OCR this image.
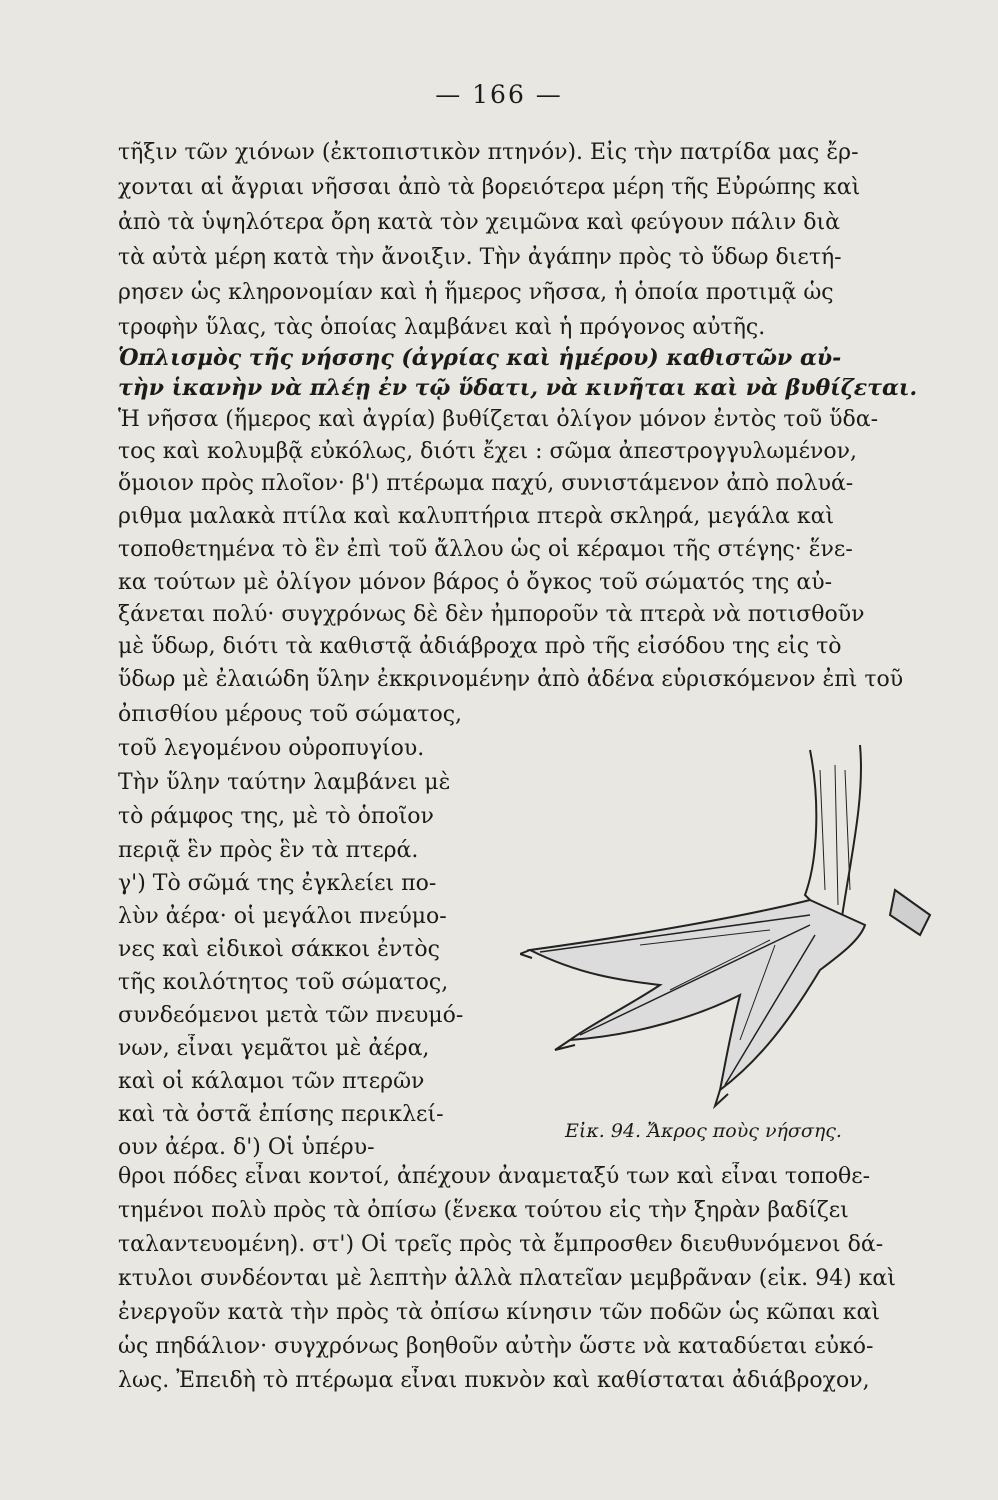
— 166 —
τῆξιν τῶν χιόνων (ἐκτοπιστικὸν πτηνόν). Εἰς τὴν πατρίδα μας ἔρ-
χονται αἱ ἄγριαι νῆσσαι ἀπὸ τὰ βορειότερα μέρη τῆς Εὐρώπης καὶ
ἀπὸ τὰ ὑψηλότερα ὄρη κατὰ τὸν χειμῶνα καὶ φεύγουν πάλιν διὰ
τὰ αὐτὰ μέρη κατὰ τὴν ἄνοιξιν. Τὴν ἀγάπην πρὸς τὸ ὕδωρ διετή-
ρησεν ὡς κληρονομίαν καὶ ἡ ἥμερος νῆσσα, ἡ ὁποία προτιμᾷ ὡς
τροφὴν ὕλας, τὰς ὁποίας λαμβάνει καὶ ἡ πρόγονος αὐτῆς.
Ὁπλισμὸς τῆς νήσσης (ἀγρίας καὶ ἡμέρου) καθιστῶν αὐ-
τὴν ἱκανὴν νὰ πλέῃ ἐν τῷ ὕδατι, νὰ κινῆται καὶ νὰ βυθίζεται.
Ἡ νῆσσα (ἥμερος καὶ ἀγρία) βυθίζεται ὀλίγον μόνον ἐντὸς τοῦ ὕδα-
τος καὶ κολυμβᾷ εὐκόλως, διότι ἔχει : σῶμα ἀπεστρογγυλωμένον,
ὅμοιον πρὸς πλοῖον· β') πτέρωμα παχύ, συνιστάμενον ἀπὸ πολυά-
ριθμα μαλακὰ πτίλα καὶ καλυπτήρια πτερὰ σκληρά, μεγάλα καὶ
τοποθετημένα τὸ ἓν ἐπὶ τοῦ ἄλλου ὡς οἱ κέραμοι τῆς στέγης· ἕνε-
κα τούτων μὲ ὀλίγον μόνον βάρος ὁ ὄγκος τοῦ σώματός της αὐ-
ξάνεται πολύ· συγχρόνως δὲ δὲν ἠμποροῦν τὰ πτερὰ νὰ ποτισθοῦν
μὲ ὕδωρ, διότι τὰ καθιστᾷ ἀδιάβροχα πρὸ τῆς εἰσόδου της εἰς τὸ
ὕδωρ μὲ ἐλαιώδη ὕλην ἐκκρινομένην ἀπὸ ἀδένα εὑρισκόμενον ἐπὶ τοῦ
ὀπισθίου μέρους τοῦ σώματος,
τοῦ λεγομένου οὐροπυγίου.
Τὴν ὕλην ταύτην λαμβάνει μὲ
τὸ ράμφος της, μὲ τὸ ὁποῖον
περιᾷ ἓν πρὸς ἓν τὰ πτερά.
γ') Τὸ σῶμά της ἐγκλείει πο-
λὺν ἀέρα· οἱ μεγάλοι πνεύμο-
νες καὶ εἰδικοὶ σάκκοι ἐντὸς
τῆς κοιλότητος τοῦ σώματος,
συνδεόμενοι μετὰ τῶν πνευμό-
νων, εἶναι γεμᾶτοι μὲ ἀέρα,
καὶ οἱ κάλαμοι τῶν πτερῶν
καὶ τὰ ὀστᾶ ἐπίσης περικλεί-
ουν ἀέρα. δ') Οἱ ὑπέρυ-
Εἰκ. 94. Ἄκρος ποὺς νήσσης.
θροι πόδες εἶναι κοντοί, ἀπέχουν ἀναμεταξύ των καὶ εἶναι τοποθε-
τημένοι πολὺ πρὸς τὰ ὀπίσω (ἕνεκα τούτου εἰς τὴν ξηρὰν βαδίζει
ταλαντευομένη). στ') Οἱ τρεῖς πρὸς τὰ ἔμπροσθεν διευθυνόμενοι δά-
κτυλοι συνδέονται μὲ λεπτὴν ἀλλὰ πλατεῖαν μεμβρᾶναν (εἰκ. 94) καὶ
ἐνεργοῦν κατὰ τὴν πρὸς τὰ ὀπίσω κίνησιν τῶν ποδῶν ὡς κῶπαι καὶ
ὡς πηδάλιον· συγχρόνως βοηθοῦν αὐτὴν ὥστε νὰ καταδύεται εὐκό-
λως. Ἐπειδὴ τὸ πτέρωμα εἶναι πυκνὸν καὶ καθίσταται ἀδιάβροχον,
